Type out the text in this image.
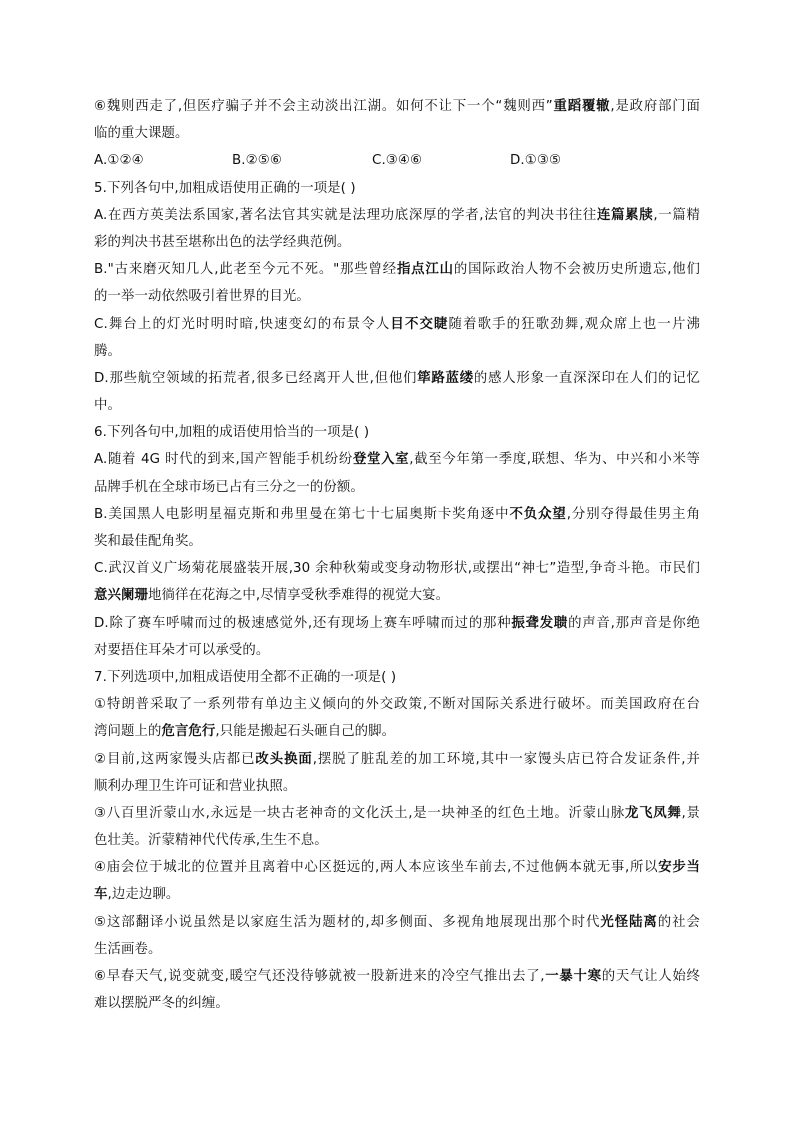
⑥魏则西走了,但医疗骗子并不会主动淡出江湖。如何不让下一个“魏则西”重蹈覆辙,是政府部门面
临的重大课题。
A.①②④	B.②⑤⑥	C.③④⑥	D.①③⑤
5.下列各句中,加粗成语使用正确的一项是( )
A.在西方英美法系国家,著名法官其实就是法理功底深厚的学者,法官的判决书往往连篇累牍,一篇精
彩的判决书甚至堪称出色的法学经典范例。
B."古来磨灭知几人,此老至今元不死。"那些曾经指点江山的国际政治人物不会被历史所遗忘,他们
的一举一动依然吸引着世界的目光。
C.舞台上的灯光时明时暗,快速变幻的布景令人目不交睫随着歌手的狂歌劲舞,观众席上也一片沸
腾。
D.那些航空领域的拓荒者,很多已经离开人世,但他们筚路蓝缕的感人形象一直深深印在人们的记忆
中。
6.下列各句中,加粗的成语使用恰当的一项是( )
A.随着 4G 时代的到来,国产智能手机纷纷登堂入室,截至今年第一季度,联想、华为、中兴和小米等
品牌手机在全球市场已占有三分之一的份额。
B.美国黑人电影明星福克斯和弗里曼在第七十七届奥斯卡奖角逐中不负众望,分别夺得最佳男主角
奖和最佳配角奖。
C.武汉首义广场菊花展盛装开展,30 余种秋菊或变身动物形状,或摆出“神七”造型,争奇斗艳。市民们
意兴阑珊地徜徉在花海之中,尽情享受秋季难得的视觉大宴。
D.除了赛车呼啸而过的极速感觉外,还有现场上赛车呼啸而过的那种振聋发聩的声音,那声音是你绝
对要捂住耳朵才可以承受的。
7.下列选项中,加粗成语使用全都不正确的一项是( )
①特朗普采取了一系列带有单边主义倾向的外交政策,不断对国际关系进行破坏。而美国政府在台
湾问题上的危言危行,只能是搬起石头砸自己的脚。
②目前,这两家馒头店都已改头换面,摆脱了脏乱差的加工环境,其中一家馒头店已符合发证条件,并
顺利办理卫生许可证和营业执照。
③八百里沂蒙山水,永远是一块古老神奇的文化沃土,是一块神圣的红色土地。沂蒙山脉龙飞凤舞,景
色壮美。沂蒙精神代代传承,生生不息。
④庙会位于城北的位置并且离着中心区挺远的,两人本应该坐车前去,不过他俩本就无事,所以安步当
车,边走边聊。
⑤这部翻译小说虽然是以家庭生活为题材的,却多侧面、多视角地展现出那个时代光怪陆离的社会
生活画卷。
⑥早春天气,说变就变,暖空气还没待够就被一股新进来的冷空气推出去了,一暴十寒的天气让人始终
难以摆脱严冬的纠缠。
